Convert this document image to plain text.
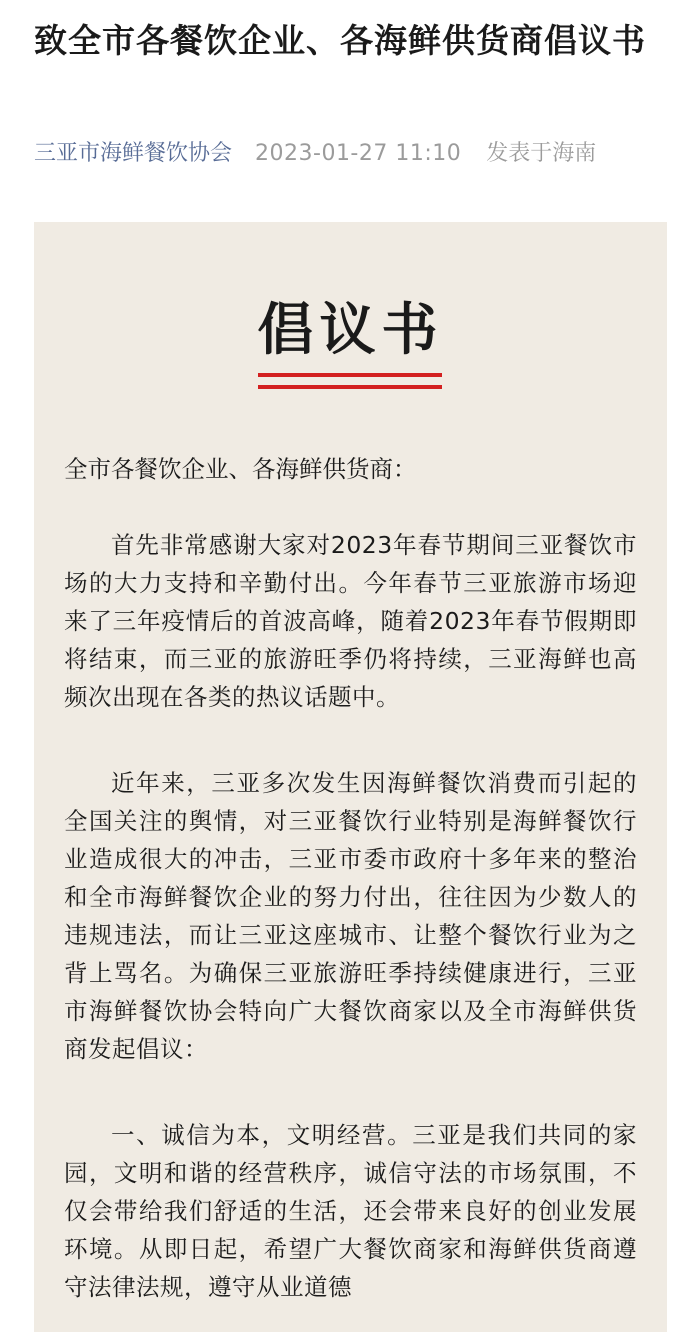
致全市各餐饮企业、各海鲜供货商倡议书
三亚市海鲜餐饮协会 2023-01-27 11:10 发表于海南
倡议书

全市各餐饮企业、各海鲜供货商：

首先非常感谢大家对2023年春节期间三亚餐饮市场的大力支持和辛勤付出。今年春节三亚旅游市场迎来了三年疫情后的首波高峰，随着2023年春节假期即将结束，而三亚的旅游旺季仍将持续，三亚海鲜也高频次出现在各类的热议话题中。

近年来，三亚多次发生因海鲜餐饮消费而引起的全国关注的舆情，对三亚餐饮行业特别是海鲜餐饮行业造成很大的冲击，三亚市委市政府十多年来的整治和全市海鲜餐饮企业的努力付出，往往因为少数人的违规违法，而让三亚这座城市、让整个餐饮行业为之背上骂名。为确保三亚旅游旺季持续健康进行，三亚市海鲜餐饮协会特向广大餐饮商家以及全市海鲜供货商发起倡议：

一、诚信为本，文明经营。三亚是我们共同的家园，文明和谐的经营秩序，诚信守法的市场氛围，不仅会带给我们舒适的生活，还会带来良好的创业发展环境。从即日起，希望广大餐饮商家和海鲜供货商遵守法律法规，遵守从业道德
